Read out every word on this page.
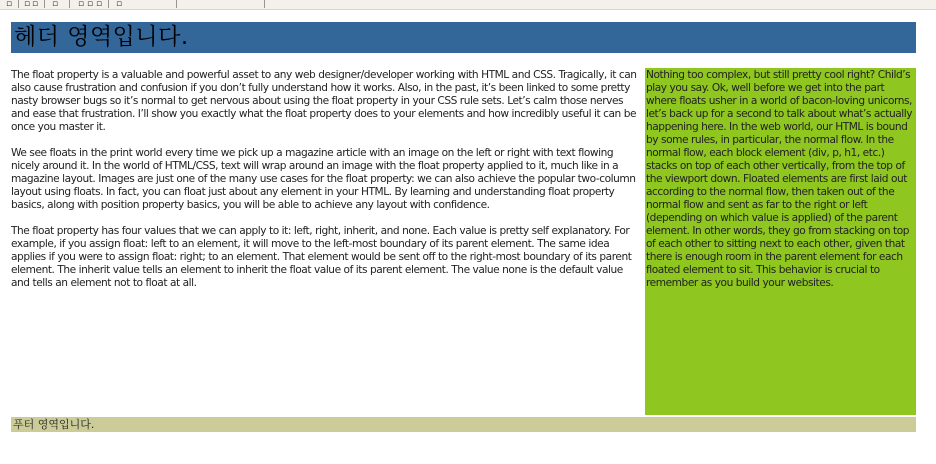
▫ ▫ ▫ ▫ ▫ ▫ ▫ ▫
헤더 영역입니다.

The float property is a valuable and powerful asset to any web designer/developer working with HTML and CSS. Tragically, it can also cause frustration and confusion if you don’t fully understand how it works. Also, in the past, it’s been linked to some pretty nasty browser bugs so it’s normal to get nervous about using the float property in your CSS rule sets. Let’s calm those nerves and ease that frustration. I’ll show you exactly what the float property does to your elements and how incredibly useful it can be once you master it.

We see floats in the print world every time we pick up a magazine article with an image on the left or right with text flowing nicely around it. In the world of HTML/CSS, text will wrap around an image with the float property applied to it, much like in a magazine layout. Images are just one of the many use cases for the float property: we can also achieve the popular two-column layout using floats. In fact, you can float just about any element in your HTML. By learning and understanding float property basics, along with position property basics, you will be able to achieve any layout with confidence.

The float property has four values that we can apply to it: left, right, inherit, and none. Each value is pretty self explanatory. For example, if you assign float: left to an element, it will move to the left-most boundary of its parent element. The same idea applies if you were to assign float: right; to an element. That element would be sent off to the right-most boundary of its parent element. The inherit value tells an element to inherit the float value of its parent element. The value none is the default value and tells an element not to float at all.

Nothing too complex, but still pretty cool right? Child’s play you say. Ok, well before we get into the part where floats usher in a world of bacon-loving unicorns, let’s back up for a second to talk about what’s actually happening here. In the web world, our HTML is bound by some rules, in particular, the normal flow. In the normal flow, each block element (div, p, h1, etc.) stacks on top of each other vertically, from the top of the viewport down. Floated elements are first laid out according to the normal flow, then taken out of the normal flow and sent as far to the right or left (depending on which value is applied) of the parent element. In other words, they go from stacking on top of each other to sitting next to each other, given that there is enough room in the parent element for each floated element to sit. This behavior is crucial to remember as you build your websites.

푸터 영역입니다.
